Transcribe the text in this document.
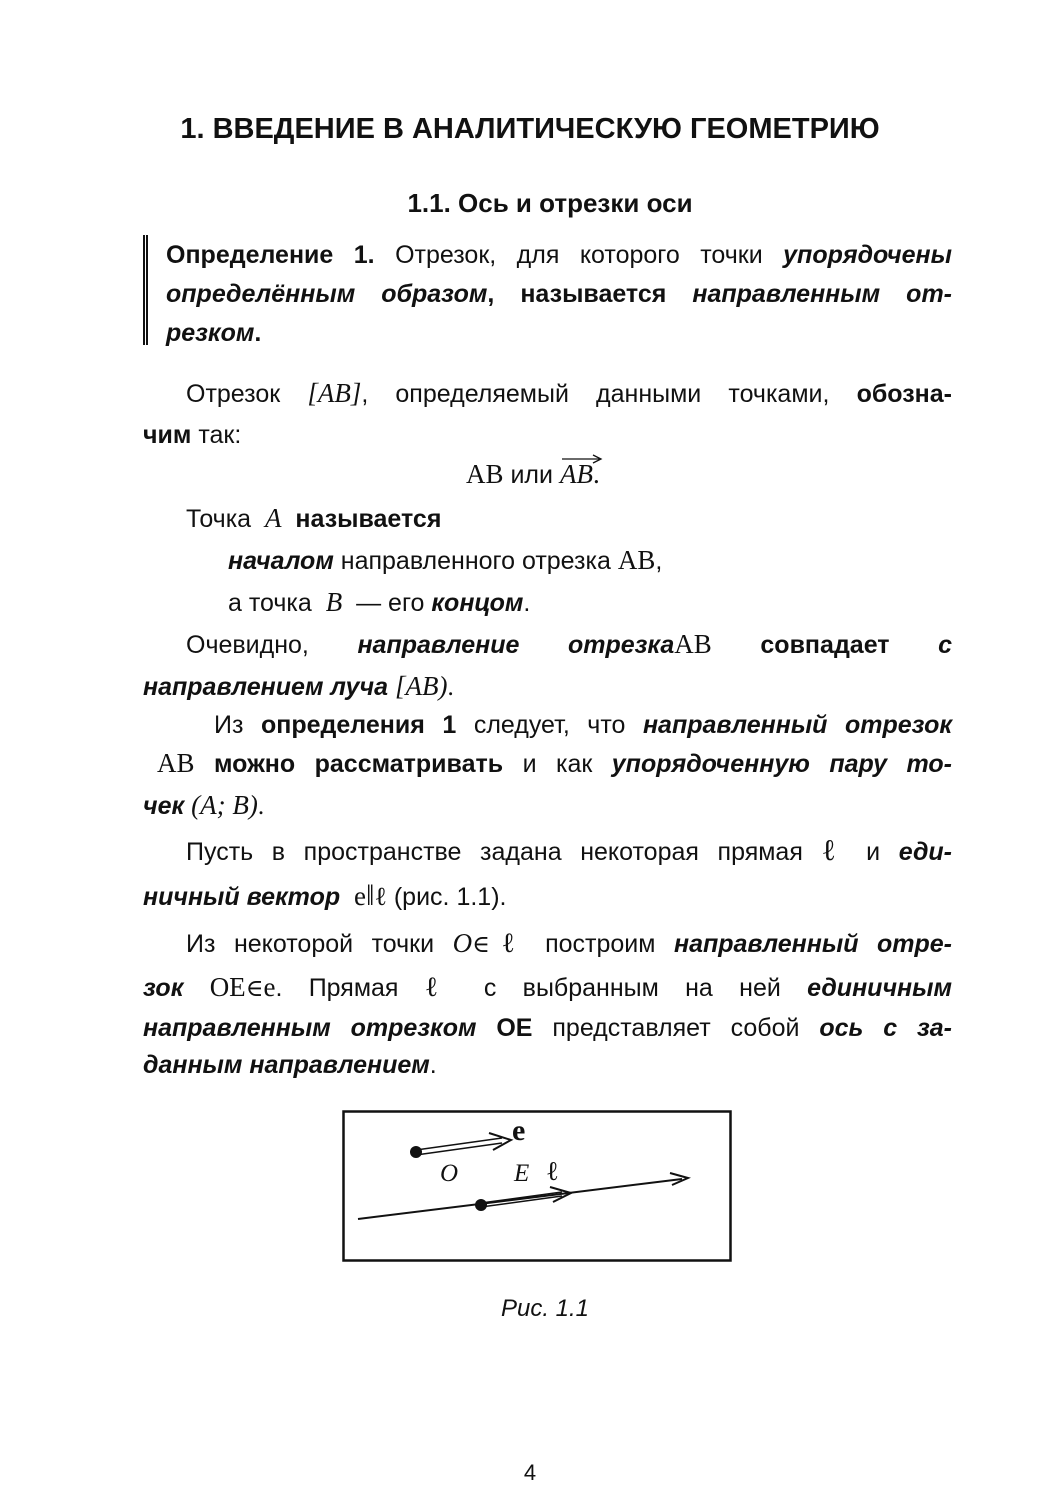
1. ВВЕДЕНИЕ В АНАЛИТИЧЕСКУЮ ГЕОМЕТРИЮ
1.1. Ось и отрезки оси
Определение 1. Отрезок, для которого точки упорядочены
определённым образом, называется направленным от-
резком.
Отрезок [AB], определяемый данными точками, обозна-
чим так:
AB или AB.
Точка A называется
началом направленного отрезка AB,
а точка B — его концом.
Очевидно, направление отрезкаAB совпадает с
направлением луча [AB).
Из определения 1 следует, что направленный отрезок
AB можно рассматривать и как упорядоченную пару то-
чек (A; B).
Пусть в пространстве задана некоторая прямая ℓ и еди-
ничный вектор e‖ℓ (рис. 1.1).
Из некоторой точки O∈ℓ построим направленный отре-
зок OE∈e. Прямая ℓ с выбранным на ней единичным
направленным отрезком OE представляет собой ось с за-
данным направлением.
e
O E ℓ
Рис. 1.1
4
